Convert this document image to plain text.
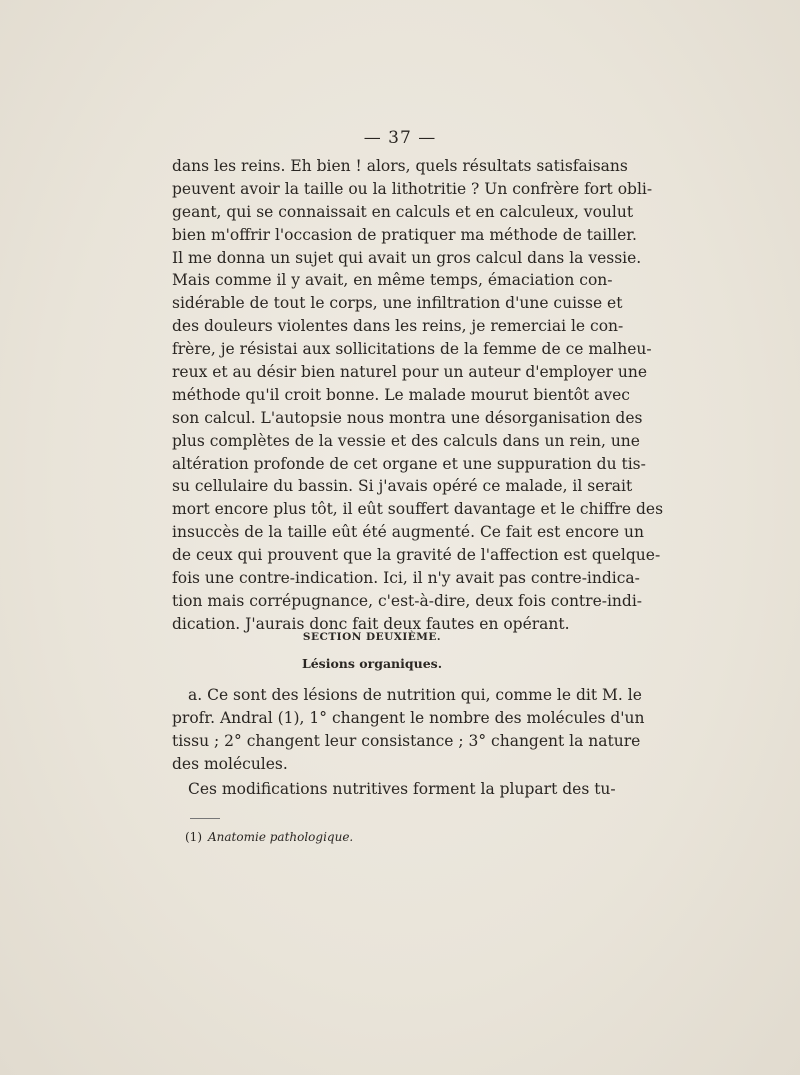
— 37 —
dans les reins. Eh bien ! alors, quels résultats satisfaisans
peuvent avoir la taille ou la lithotritie ? Un confrère fort obli-
geant, qui se connaissait en calculs et en calculeux, voulut
bien m'offrir l'occasion de pratiquer ma méthode de tailler.
Il me donna un sujet qui avait un gros calcul dans la vessie.
Mais comme il y avait, en même temps, émaciation con-
sidérable de tout le corps, une infiltration d'une cuisse et
des douleurs violentes dans les reins, je remerciai le con-
frère, je résistai aux sollicitations de la femme de ce malheu-
reux et au désir bien naturel pour un auteur d'employer une
méthode qu'il croit bonne. Le malade mourut bientôt avec
son calcul. L'autopsie nous montra une désorganisation des
plus complètes de la vessie et des calculs dans un rein, une
altération profonde de cet organe et une suppuration du tis-
su cellulaire du bassin. Si j'avais opéré ce malade, il serait
mort encore plus tôt, il eût souffert davantage et le chiffre des
insuccès de la taille eût été augmenté. Ce fait est encore un
de ceux qui prouvent que la gravité de l'affection est quelque-
fois une contre-indication. Ici, il n'y avait pas contre-indica-
tion mais corrépugnance, c'est-à-dire, deux fois contre-indi-
dication. J'aurais donc fait deux fautes en opérant.
SECTION DEUXIÈME.
Lésions organiques.
a. Ce sont des lésions de nutrition qui, comme le dit M. le
profr. Andral (1), 1° changent le nombre des molécules d'un
tissu ; 2° changent leur consistance ; 3° changent la nature
des molécules.
Ces modifications nutritives forment la plupart des tu-
(1) Anatomie pathologique.
